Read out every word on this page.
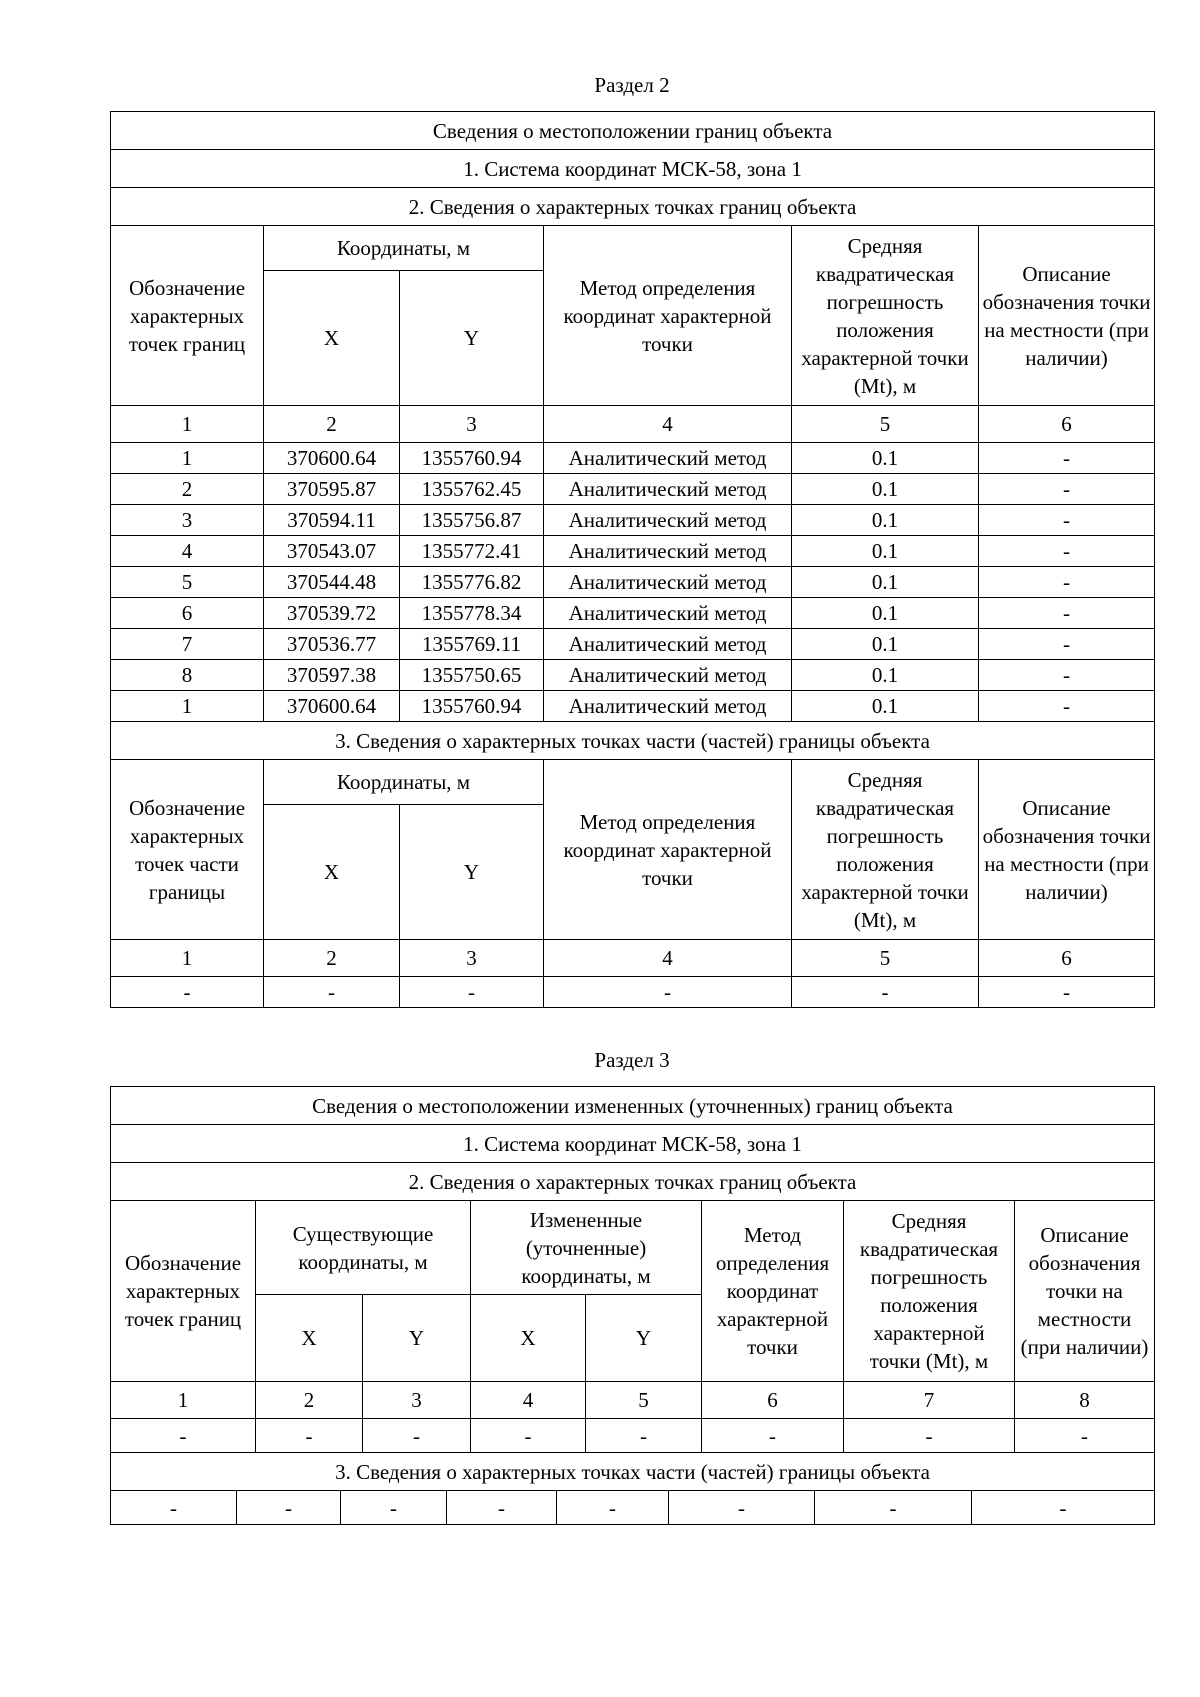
Раздел 2
Сведения о местоположении границ объекта					
1. Система координат МСК-58, зона 1					
2. Сведения о характерных точках границ объекта					
Обозначение характерных точек границ	Координаты, м		Метод определения координат характерной точки	Средняя квадратическая погрешность положения характерной точки (Mt), м	Описание обозначения точки на местности (при наличии)
	X	Y			
1	2	3	4	5	6
1	370600.64	1355760.94	Аналитический метод	0.1	-
2	370595.87	1355762.45	Аналитический метод	0.1	-
3	370594.11	1355756.87	Аналитический метод	0.1	-
4	370543.07	1355772.41	Аналитический метод	0.1	-
5	370544.48	1355776.82	Аналитический метод	0.1	-
6	370539.72	1355778.34	Аналитический метод	0.1	-
7	370536.77	1355769.11	Аналитический метод	0.1	-
8	370597.38	1355750.65	Аналитический метод	0.1	-
1	370600.64	1355760.94	Аналитический метод	0.1	-
3. Сведения о характерных точках части (частей) границы объекта					
Обозначение характерных точек части границы	Координаты, м		Метод определения координат характерной точки	Средняя квадратическая погрешность положения характерной точки (Mt), м	Описание обозначения точки на местности (при наличии)
	X	Y			
1	2	3	4	5	6
-	-	-	-	-	-
Раздел 3
Сведения о местоположении измененных (уточненных) границ объекта							
1. Система координат МСК-58, зона 1							
2. Сведения о характерных точках границ объекта							
Обозначение характерных точек границ	Существующие координаты, м		Измененные (уточненные) координаты, м		Метод определения координат характерной точки	Средняя квадратическая погрешность положения характерной точки (Mt), м	Описание обозначения точки на местности (при наличии)
	X	Y	X	Y			
1	2	3	4	5	6	7	8
-	-	-	-	-	-	-	-
3. Сведения о характерных точках части (частей) границы объекта							
-	-	-	-	-	-	-	-
